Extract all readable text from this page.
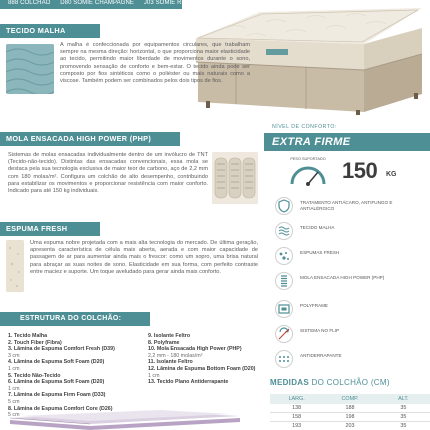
888 COLCHÃO D80 SOMIÊ CHAMPAGNE J03 SOMIÊ ROSÉ
TECIDO MALHA
A malha é confeccionada por equipamentos circulares, que trabalham sempre na mesma direção: horizontal, o que proporciona maior elasticidade ao tecido, permitindo maior liberdade de movimentos durante o sono, promovendo sensação de conforto e bem-estar. O tecido ainda pode ser composto por fios sintéticos como o poliéster ou mais naturais como a viscose. Também podem ser combinados pelos dois tipos de fios.
MOLA ENSACADA HIGH POWER (PHP)
Sistemas de molas ensacadas individualmente dentro de um invólucro de TNT (Tecido-não-tecido). Distintas das ensacadas convencionais, essa mola se destaca pela sua tecnologia exclusiva de maior teor de carbono, aço de 2,2 mm com 180 molas/m². Configura um colchão de alto desempenho, contribuindo para estabilizar os movimentos e proporcionar resistência com maior conforto. Indicado para até 150 kg individuais.
ESPUMA FRESH
Uma espuma nobre projetada com a mais alta tecnologia do mercado. De última geração, apresenta característica de célula mais aberta, aerada e com maior capacidade de passagem de ar para aumentar ainda mais o frescor: como um sopro, uma brisa natural para abraçar as suas noites de sono. Elasticidade em sua forma, com perfeito contraste entre maciez e suporte. Um toque aveludado para gerar ainda mais conforto.
NÍVEL DE CONFORTO:
EXTRA FIRME
PESO SUPORTADO 150 KG
TRATAMENTO ANTIÁCARO, ANTIFUNGO E ANTIALÉRGICO
TECIDO MALHA
ESPUMAS FRESH
MOLA ENSACADA HIGH POWER (PHP)
POLYFRAME
SISTEMA NO FLIP
ANTIDERRAPANTE
MEDIDAS DO COLCHÃO (CM)
LARG.	COMP.	ALT.
138	188	35
158	198	35
193	203	35
ESTRUTURA DO COLCHÃO:
1. Tecido Malha
2. Touch Fiber (Fibra)
3. Lâmina de Espuma Comfort Fresh (D39)
3 cm
4. Lâmina de Espuma Soft Foam (D20)
1 cm
5. Tecido Não-Tecido
6. Lâmina de Espuma Soft Foam (D20)
1 cm
7. Lâmina de Espuma Firm Foam (D33)
5 cm
8. Lâmina de Espuma Comfort Core (D26)
5 cm
9. Isolante Feltro
8. Polyframe
10. Mola Ensacada High Power (PHP)
2,2 mm - 180 molas/m²
11. Isolante Feltro
12. Lâmina de Espuma Bottom Foam (D20)
1 cm
13. Tecido Plano Antiderrapante
